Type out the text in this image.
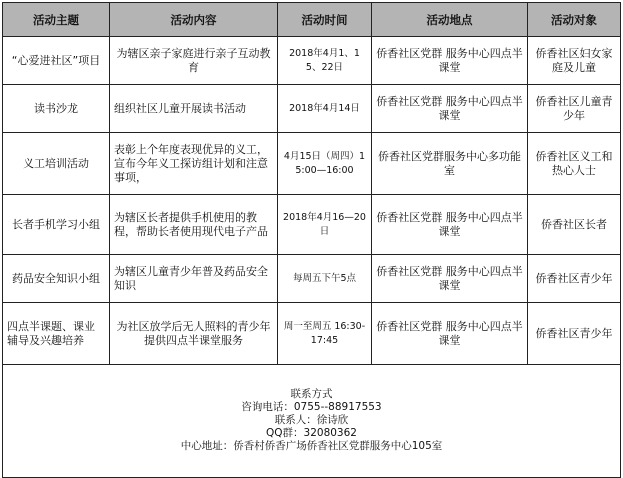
活动主题	活动内容	活动时间	活动地点	活动对象
“心爱进社区”项目	为辖区亲子家庭进行亲子互动教育	2018年4月1、15、22日	侨香社区党群 服务中心四点半课堂	侨香社区妇女家庭及儿童
读书沙龙	组织社区儿童开展读书活动	2018年4月14日	侨香社区党群 服务中心四点半课堂	侨香社区儿童青少年
义工培训活动	表彰上个年度表现优异的义工，宣布今年义工探访组计划和注意事项，	4月15日（周四）15:00—16:00	侨香社区党群服务中心多功能室	侨香社区义工和热心人士
长者手机学习小组	为辖区长者提供手机使用的教程，帮助长者使用现代电子产品	2018年4月16—20日	侨香社区党群 服务中心四点半课堂	侨香社区长者
药品安全知识小组	为辖区儿童青少年普及药品安全知识	每周五下午5点	侨香社区党群 服务中心四点半课堂	侨香社区青少年
四点半课题、课业辅导及兴趣培养	为社区放学后无人照料的青少年提供四点半课堂服务	周一至周五 16:30-17:45	侨香社区党群 服务中心四点半课堂	侨香社区青少年

联系方式
咨询电话：0755--88917553
联系人：徐诗欣
QQ群：32080362
中心地址：侨香村侨香广场侨香社区党群服务中心105室				
